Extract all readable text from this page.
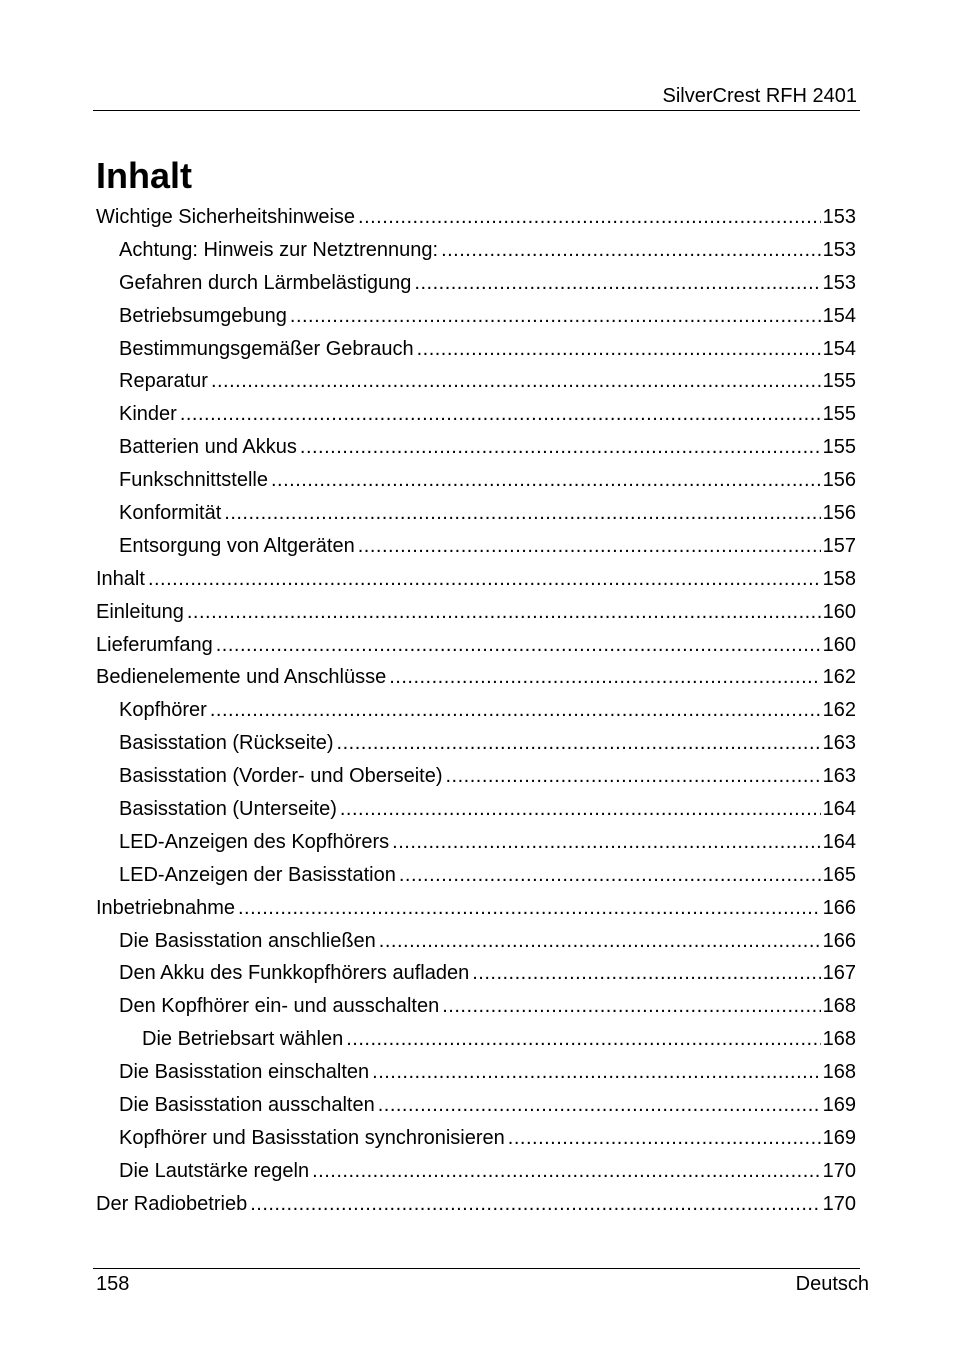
SilverCrest RFH 2401
Inhalt
Wichtige Sicherheitshinweise .....	153
Achtung: Hinweis zur Netztrennung: .....	153
Gefahren durch Lärmbelästigung .....	153
Betriebsumgebung .....	154
Bestimmungsgemäßer Gebrauch .....	154
Reparatur .....	155
Kinder .....	155
Batterien und Akkus .....	155
Funkschnittstelle .....	156
Konformität .....	156
Entsorgung von Altgeräten .....	157
Inhalt .....	158
Einleitung .....	160
Lieferumfang .....	160
Bedienelemente und Anschlüsse .....	162
Kopfhörer .....	162
Basisstation (Rückseite) .....	163
Basisstation (Vorder- und Oberseite) .....	163
Basisstation (Unterseite) .....	164
LED-Anzeigen des Kopfhörers .....	164
LED-Anzeigen der Basisstation .....	165
Inbetriebnahme .....	166
Die Basisstation anschließen .....	166
Den Akku des Funkkopfhörers aufladen .....	167
Den Kopfhörer ein- und ausschalten .....	168
Die Betriebsart wählen .....	168
Die Basisstation einschalten .....	168
Die Basisstation ausschalten .....	169
Kopfhörer und Basisstation synchronisieren .....	169
Die Lautstärke regeln .....	170
Der Radiobetrieb .....	170
158	Deutsch
